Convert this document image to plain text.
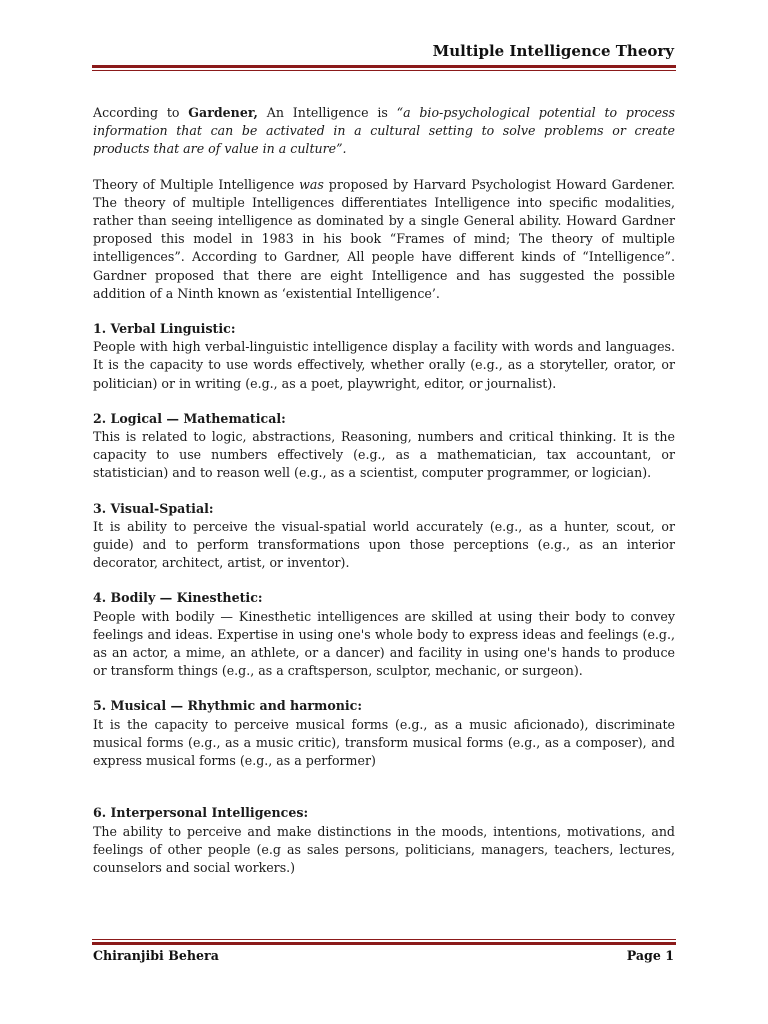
Multiple Intelligence Theory

According to Gardener, An Intelligence is “a bio-psychological potential to process information that can be activated in a cultural setting to solve problems or create products that are of value in a culture”.

Theory of Multiple Intelligence was proposed by Harvard Psychologist Howard Gardener. The theory of multiple Intelligences differentiates Intelligence into specific modalities, rather than seeing intelligence as dominated by a single General ability. Howard Gardner proposed this model in 1983 in his book “Frames of mind; The theory of multiple intelligences”. According to Gardner, All people have different kinds of “Intelligence”. Gardner proposed that there are eight Intelligence and has suggested the possible addition of a Ninth known as ‘existential Intelligence’.

1. Verbal Linguistic:
People with high verbal-linguistic intelligence display a facility with words and languages. It is the capacity to use words effectively, whether orally (e.g., as a storyteller, orator, or politician) or in writing (e.g., as a poet, playwright, editor, or journalist).
2. Logical — Mathematical:
This is related to logic, abstractions, Reasoning, numbers and critical thinking. It is the capacity to use numbers effectively (e.g., as a mathematician, tax accountant, or statistician) and to reason well (e.g., as a scientist, computer programmer, or logician).
3. Visual-Spatial:
It is ability to perceive the visual-spatial world accurately (e.g., as a hunter, scout, or guide) and to perform transformations upon those perceptions (e.g., as an interior decorator, architect, artist, or inventor).
4. Bodily — Kinesthetic:
People with bodily — Kinesthetic intelligences are skilled at using their body to convey feelings and ideas. Expertise in using one's whole body to express ideas and feelings (e.g., as an actor, a mime, an athlete, or a dancer) and facility in using one's hands to produce or transform things (e.g., as a craftsperson, sculptor, mechanic, or surgeon).
5. Musical — Rhythmic and harmonic:
It is the capacity to perceive musical forms (e.g., as a music aficionado), discriminate musical forms (e.g., as a music critic), transform musical forms (e.g., as a composer), and express musical forms (e.g., as a performer)
6. Interpersonal Intelligences:
The ability to perceive and make distinctions in the moods, intentions, motivations, and feelings of other people (e.g as sales persons, politicians, managers, teachers, lectures, counselors and social workers.)
Chiranjibi Behera	Page 1
